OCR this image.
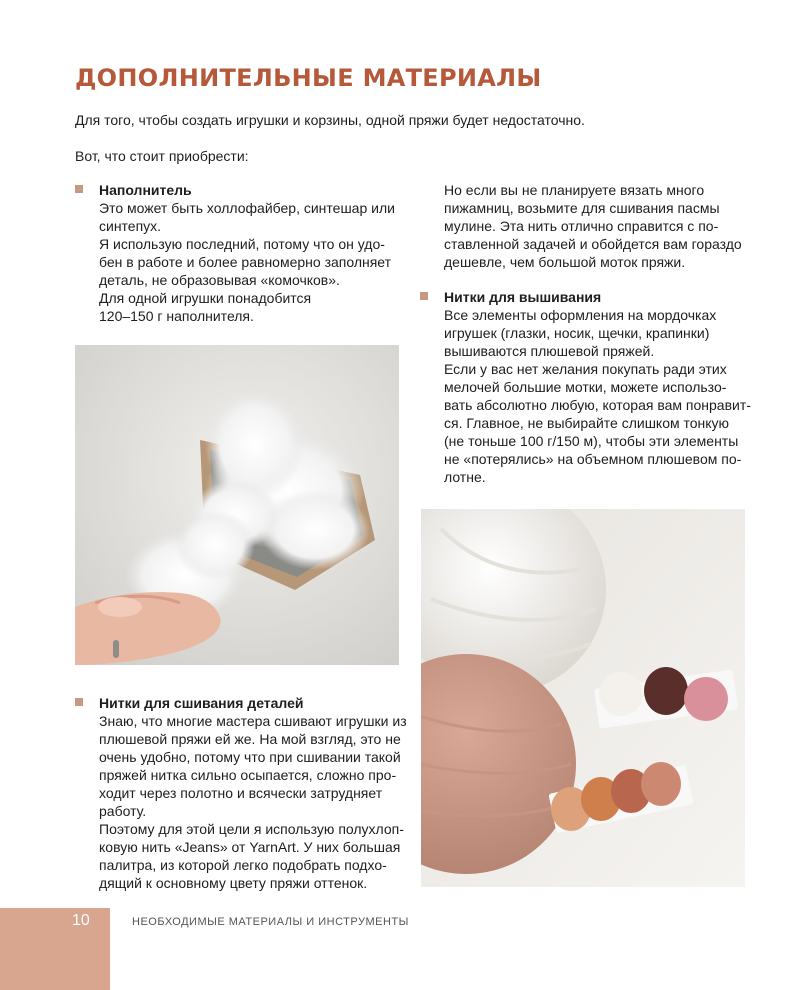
ДОПОЛНИТЕЛЬНЫЕ МАТЕРИАЛЫ
Для того, чтобы создать игрушки и корзины, одной пряжи будет недостаточно.
Вот, что стоит приобрести:
Наполнитель
Это может быть холлофайбер, синтешар или
синтепух.
Я использую последний, потому что он удо-
бен в работе и более равномерно заполняет
деталь, не образовывая «комочков».
Для одной игрушки понадобится
120–150 г наполнителя.
Нитки для сшивания деталей
Знаю, что многие мастера сшивают игрушки из
плюшевой пряжи ей же. На мой взгляд, это не
очень удобно, потому что при сшивании такой
пряжей нитка сильно осыпается, сложно про-
ходит через полотно и всячески затрудняет
работу.
Поэтому для этой цели я использую полухлоп-
ковую нить «Jeans» от YarnArt. У них большая
палитра, из которой легко подобрать подхо-
дящий к основному цвету пряжи оттенок.
Но если вы не планируете вязать много
пижамниц, возьмите для сшивания пасмы
мулине. Эта нить отлично справится с по-
ставленной задачей и обойдется вам гораздо
дешевле, чем большой моток пряжи.
Нитки для вышивания
Все элементы оформления на мордочках
игрушек (глазки, носик, щечки, крапинки)
вышиваются плюшевой пряжей.
Если у вас нет желания покупать ради этих
мелочей большие мотки, можете использо-
вать абсолютно любую, которая вам понравит-
ся. Главное, не выбирайте слишком тонкую
(не тоньше 100 г/150 м), чтобы эти элементы
не «потерялись» на объемном плюшевом по-
лотне.
10	НЕОБХОДИМЫЕ МАТЕРИАЛЫ И ИНСТРУМЕНТЫ
